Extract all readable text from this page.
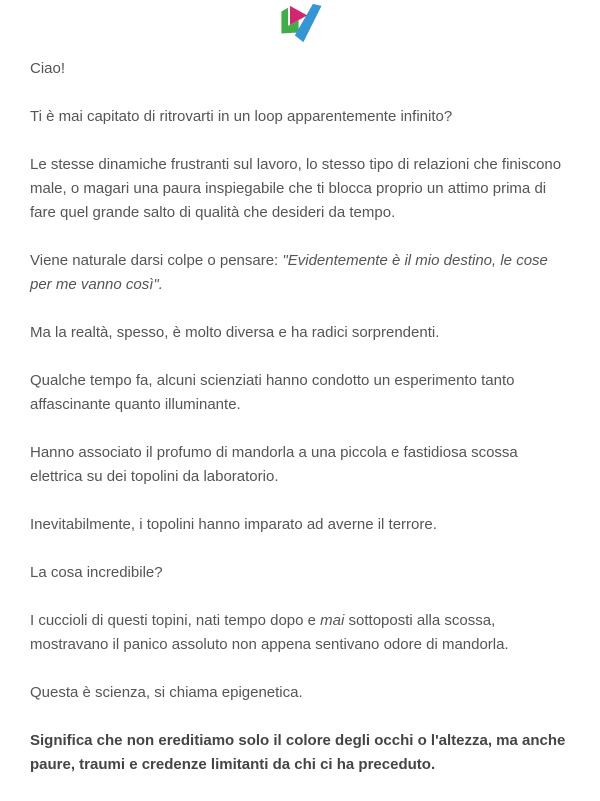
Ciao!

Ti è mai capitato di ritrovarti in un loop apparentemente infinito?

Le stesse dinamiche frustranti sul lavoro, lo stesso tipo di relazioni che finiscono male, o magari una paura inspiegabile che ti blocca proprio un attimo prima di fare quel grande salto di qualità che desideri da tempo.

Viene naturale darsi colpe o pensare: "Evidentemente è il mio destino, le cose per me vanno così".

Ma la realtà, spesso, è molto diversa e ha radici sorprendenti.

Qualche tempo fa, alcuni scienziati hanno condotto un esperimento tanto affascinante quanto illuminante.

Hanno associato il profumo di mandorla a una piccola e fastidiosa scossa elettrica su dei topolini da laboratorio.

Inevitabilmente, i topolini hanno imparato ad averne il terrore.

La cosa incredibile?

I cuccioli di questi topini, nati tempo dopo e mai sottoposti alla scossa, mostravano il panico assoluto non appena sentivano odore di mandorla.

Questa è scienza, si chiama epigenetica.

Significa che non ereditiamo solo il colore degli occhi o l'altezza, ma anche paure, traumi e credenze limitanti da chi ci ha preceduto.
